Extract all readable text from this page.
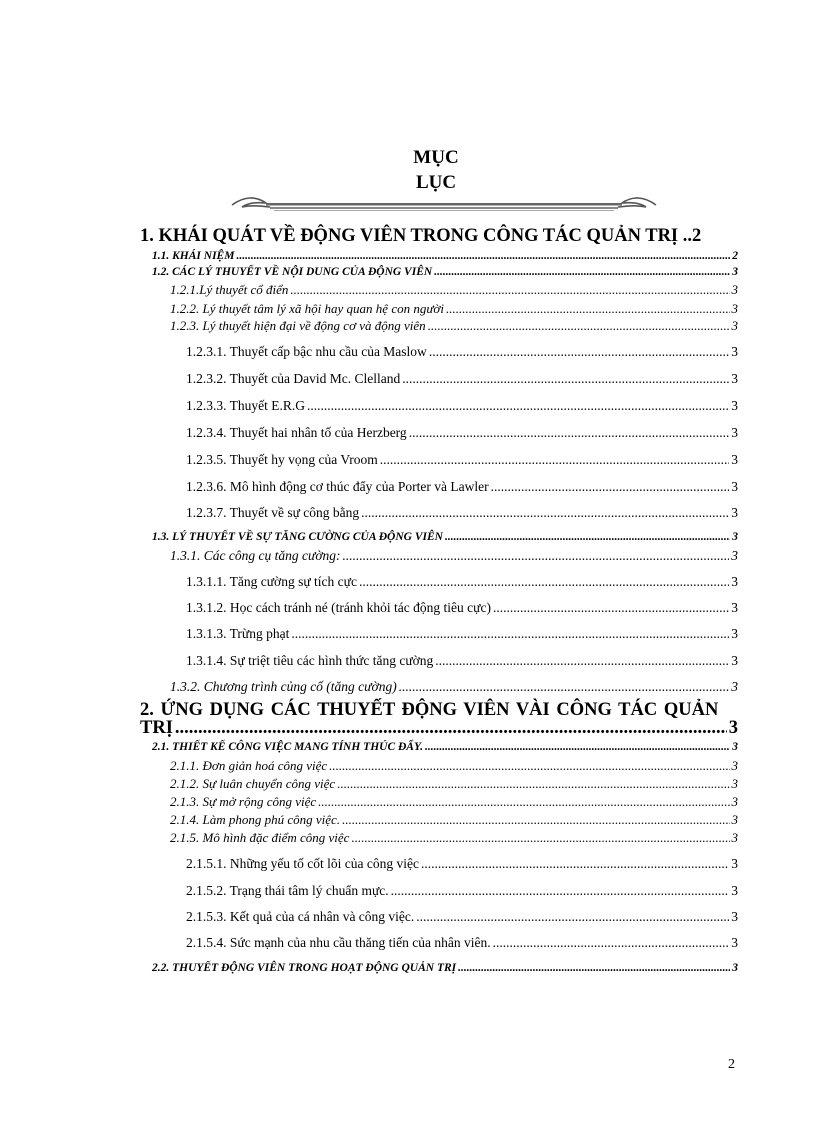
MỤC
LỤC
1. KHÁI QUÁT VỀ ĐỘNG VIÊN TRONG CÔNG TÁC QUẢN TRỊ ..2
1.1. KHÁI NIỆM .....	2
1.2. CÁC LÝ THUYẾT VỀ NỘI DUNG CỦA ĐỘNG VIÊN .....	3
1.2.1.Lý thuyết cổ điển .....	3
1.2.2. Lý thuyết tâm lý xã hội hay quan hệ con người .....	3
1.2.3. Lý thuyết hiện đại về động cơ và động viên .....	3
1.2.3.1. Thuyết cấp bậc nhu cầu của Maslow .....	3
1.2.3.2. Thuyết của David Mc. Clelland .....	3
1.2.3.3. Thuyết E.R.G .....	3
1.2.3.4. Thuyết hai nhân tố của Herzberg .....	3
1.2.3.5. Thuyết hy vọng của Vroom .....	3
1.2.3.6. Mô hình động cơ thúc đẩy của Porter và Lawler .....	3
1.2.3.7. Thuyết về sự công bằng .....	3
1.3. LÝ THUYẾT VỀ SỰ TĂNG CƯỜNG CỦA ĐỘNG VIÊN .....	3
1.3.1. Các công cụ tăng cường: .....	3
1.3.1.1. Tăng cường sự tích cực .....	3
1.3.1.2. Học cách tránh né (tránh khỏi tác động tiêu cực) .....	3
1.3.1.3. Trừng phạt .....	3
1.3.1.4. Sự triệt tiêu các hình thức tăng cường .....	3
1.3.2. Chương trình củng cố (tăng cường) .....	3
2. ỨNG DỤNG CÁC THUYẾT ĐỘNG VIÊN VÀI CÔNG TÁC QUẢN
TRỊ .....	3
2.1. THIẾT KẾ CÔNG VIỆC MANG TÍNH THÚC ĐẨY. .....	3
2.1.1. Đơn giản hoá công việc .....	3
2.1.2. Sự luân chuyển công việc .....	3
2.1.3. Sự mở rộng công việc .....	3
2.1.4. Làm phong phú công việc. .....	3
2.1.5. Mô hình đặc điểm công việc .....	3
2.1.5.1. Những yếu tố cốt lõi của công việc .....	3
2.1.5.2. Trạng thái tâm lý chuẩn mực. .....	3
2.1.5.3. Kết quả của cá nhân và công việc. .....	3
2.1.5.4. Sức mạnh của nhu cầu thăng tiến của nhân viên. .....	3
2.2. THUYẾT ĐỘNG VIÊN TRONG HOẠT ĐỘNG QUẢN TRỊ .....	3
2
